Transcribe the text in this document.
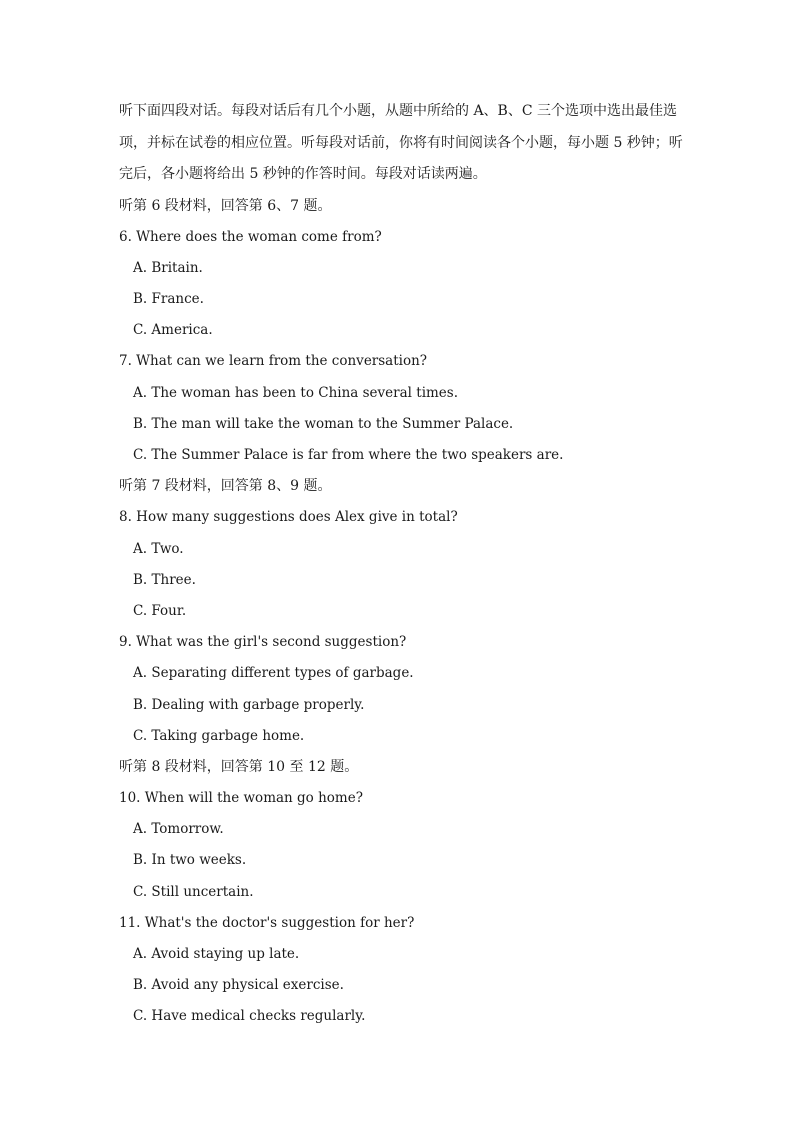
听下面四段对话。每段对话后有几个小题，从题中所给的 A、B、C 三个选项中选出最佳选
项，并标在试卷的相应位置。听每段对话前，你将有时间阅读各个小题，每小题 5 秒钟；听
完后，各小题将给出 5 秒钟的作答时间。每段对话读两遍。

听第 6 段材料，回答第 6、7 题。

6. Where does the woman come from?

A. Britain.

B. France.

C. America.

7. What can we learn from the conversation?

A. The woman has been to China several times.

B. The man will take the woman to the Summer Palace.

C. The Summer Palace is far from where the two speakers are.

听第 7 段材料，回答第 8、9 题。

8. How many suggestions does Alex give in total?

A. Two.

B. Three.

C. Four.

9. What was the girl's second suggestion?

A. Separating different types of garbage.

B. Dealing with garbage properly.

C. Taking garbage home.

听第 8 段材料，回答第 10 至 12 题。

10. When will the woman go home?

A. Tomorrow.

B. In two weeks.

C. Still uncertain.

11. What's the doctor's suggestion for her?

A. Avoid staying up late.

B. Avoid any physical exercise.

C. Have medical checks regularly.
